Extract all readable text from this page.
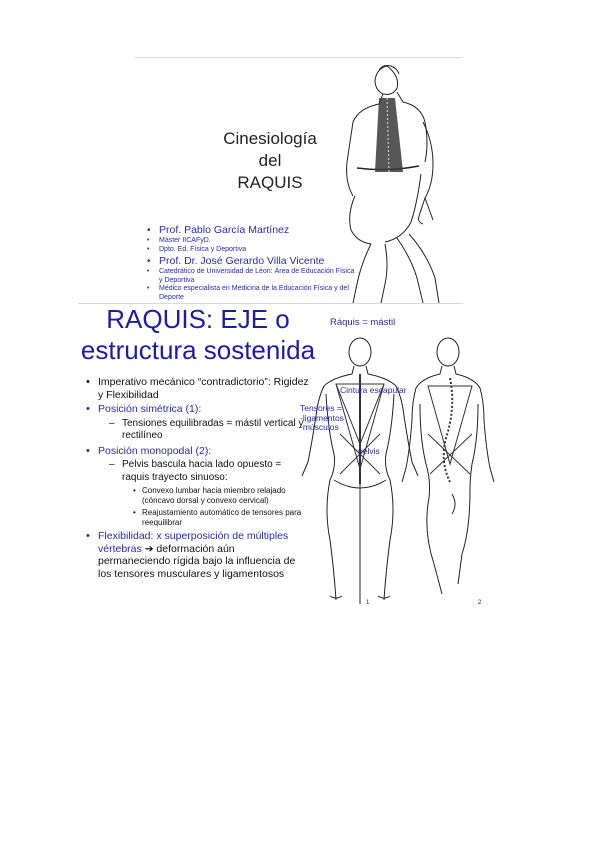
Cinesiología
del
RAQUIS
• Prof. Pablo García Martínez
• Máster IICAFyD.
• Dpto. Ed. Física y Deportiva
• Prof. Dr. José Gerardo Villa Vicente
• Catedrático de Universidad de Léon: Área de Educación Física y Deportiva
• Médico especialista en Medicina de la Educación Física y del Deporte
RAQUIS: EJE o
estructura sostenida
• Imperativo mecánico “contradictorio”: Rigidez y Flexibilidad
• Posición simétrica (1):
– Tensiones equilibradas = mástil vertical y rectilíneo
• Posición monopodal (2):
– Pelvis bascula hacia lado opuesto = raquis trayecto sinuoso:
• Convexo lumbar hacia miembro relajado (cóncavo dorsal y convexo cervical)
• Reajustamiento automático de tensores para reequilibrar
• Flexibilidad: x superposición de múltiples vértebras ➔ deformación aún permaneciendo rígida bajo la influencia de los tensores musculares y ligamentosos
Ráquis = mástil
Cintura escapular
Tensores = -ligamentos -músculos
pelvis
1	2
